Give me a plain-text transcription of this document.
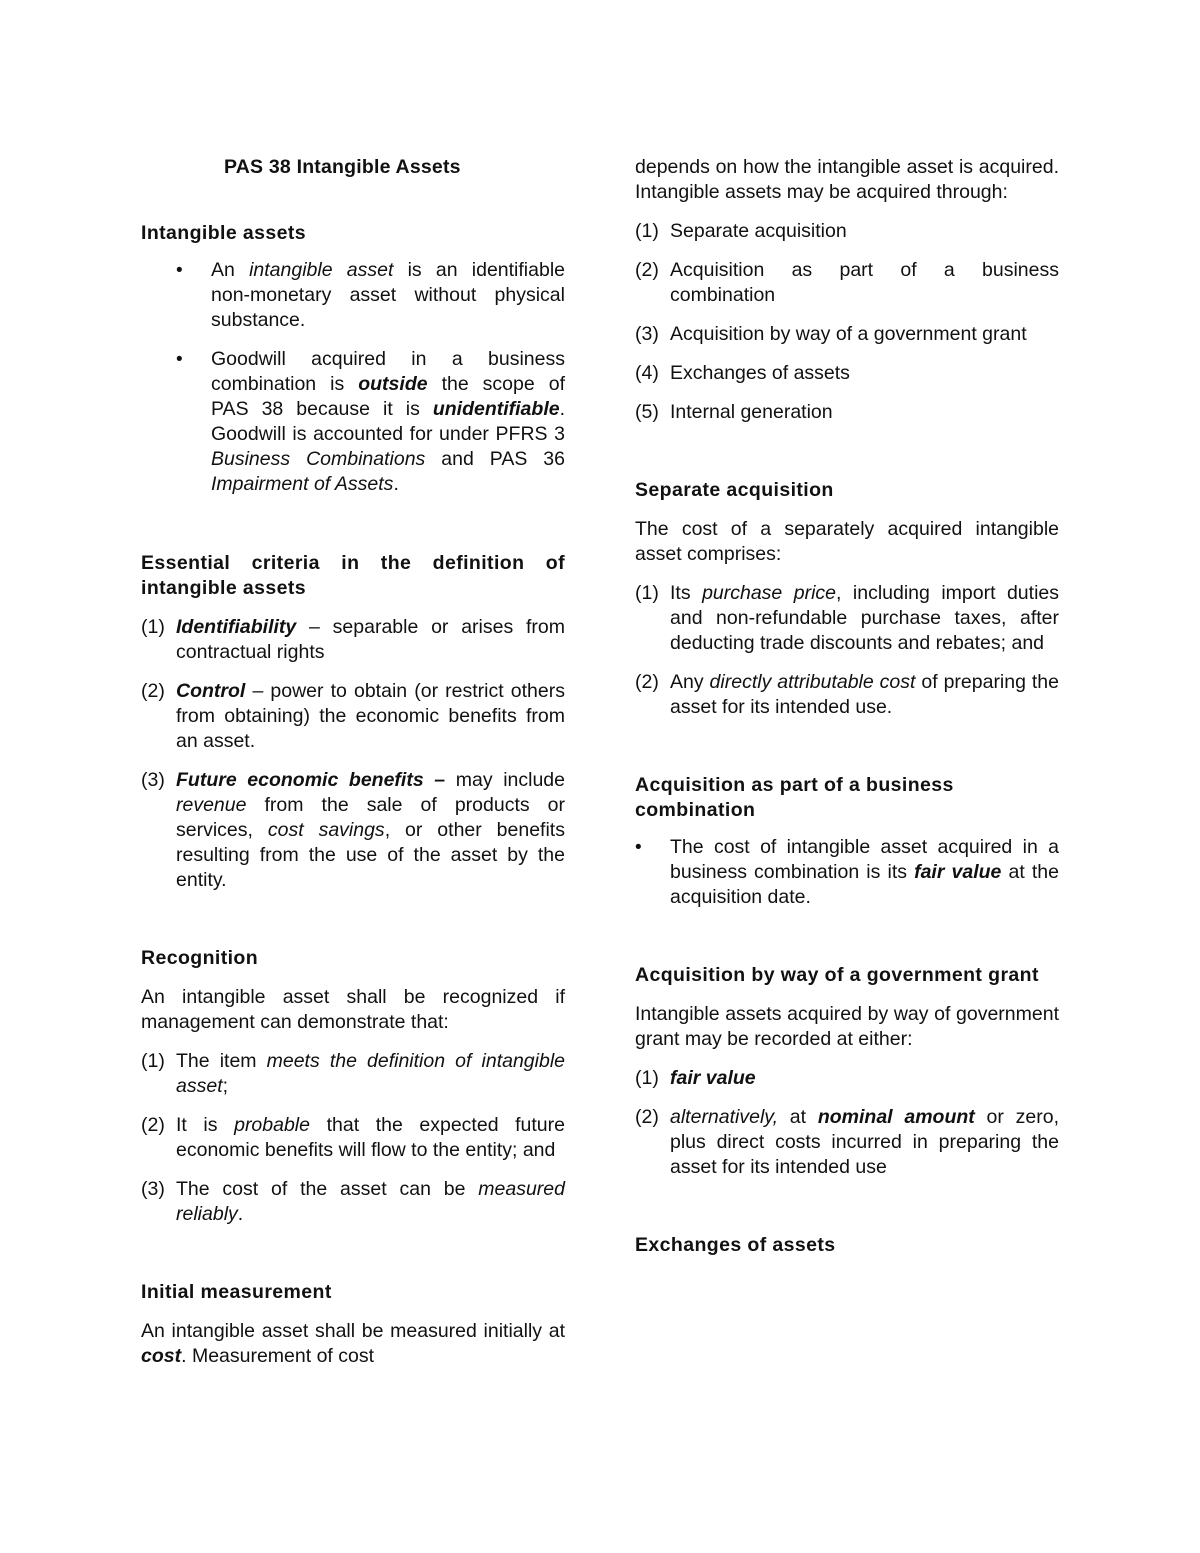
PAS 38 Intangible Assets

Intangible assets

• An intangible asset is an identifiable non-monetary asset without physical substance.
• Goodwill acquired in a business combination is outside the scope of PAS 38 because it is unidentifiable. Goodwill is accounted for under PFRS 3 Business Combinations and PAS 36 Impairment of Assets.

Essential criteria in the definition of intangible assets

(1) Identifiability – separable or arises from contractual rights
(2) Control – power to obtain (or restrict others from obtaining) the economic benefits from an asset.
(3) Future economic benefits – may include revenue from the sale of products or services, cost savings, or other benefits resulting from the use of the asset by the entity.

Recognition

An intangible asset shall be recognized if management can demonstrate that:

(1) The item meets the definition of intangible asset;
(2) It is probable that the expected future economic benefits will flow to the entity; and
(3) The cost of the asset can be measured reliably.

Initial measurement

An intangible asset shall be measured initially at cost. Measurement of cost

depends on how the intangible asset is acquired. Intangible assets may be acquired through:

(1) Separate acquisition
(2) Acquisition as part of a business combination
(3) Acquisition by way of a government grant
(4) Exchanges of assets
(5) Internal generation

Separate acquisition

The cost of a separately acquired intangible asset comprises:

(1) Its purchase price, including import duties and non-refundable purchase taxes, after deducting trade discounts and rebates; and
(2) Any directly attributable cost of preparing the asset for its intended use.

Acquisition as part of a business combination

• The cost of intangible asset acquired in a business combination is its fair value at the acquisition date.

Acquisition by way of a government grant

Intangible assets acquired by way of government grant may be recorded at either:

(1) fair value
(2) alternatively, at nominal amount or zero, plus direct costs incurred in preparing the asset for its intended use

Exchanges of assets
